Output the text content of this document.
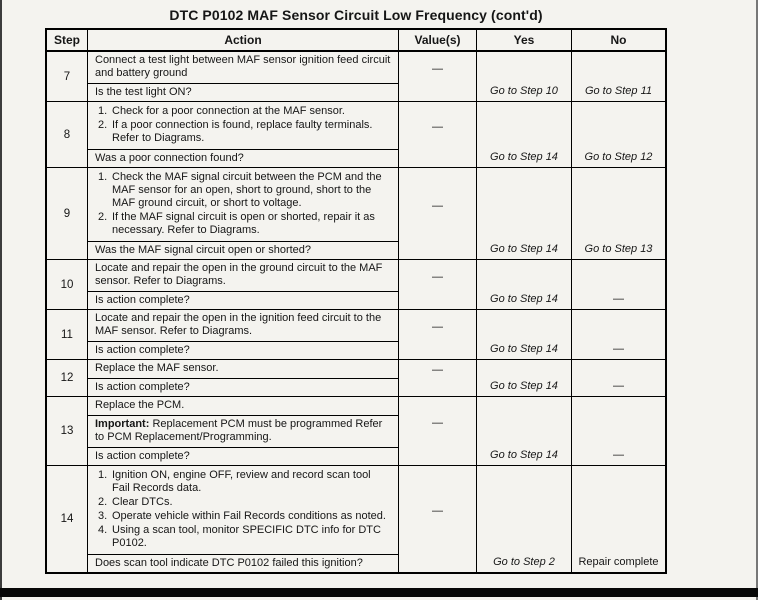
DTC P0102 MAF Sensor Circuit Low Frequency (cont'd)
Step	Action	Value(s)	Yes	No
7
Connect a test light between MAF sensor ignition feed circuit and battery ground
Is the test light ON?
—
Go to Step 10	Go to Step 11
8
1. Check for a poor connection at the MAF sensor.
2. If a poor connection is found, replace faulty terminals. Refer to Diagrams.
Was a poor connection found?
—
Go to Step 14	Go to Step 12
9
1. Check the MAF signal circuit between the PCM and the MAF sensor for an open, short to ground, short to the MAF ground circuit, or short to voltage.
2. If the MAF signal circuit is open or shorted, repair it as necessary. Refer to Diagrams.
Was the MAF signal circuit open or shorted?
—
Go to Step 14	Go to Step 13
10
Locate and repair the open in the ground circuit to the MAF sensor. Refer to Diagrams.
Is action complete?
—
Go to Step 14	—
11
Locate and repair the open in the ignition feed circuit to the MAF sensor. Refer to Diagrams.
Is action complete?
—
Go to Step 14	—
12
Replace the MAF sensor.
Is action complete?
—
Go to Step 14	—
13
Replace the PCM.
Important: Replacement PCM must be programmed Refer to PCM Replacement/Programming.
Is action complete?
—
Go to Step 14	—
14
1. Ignition ON, engine OFF, review and record scan tool Fail Records data.
2. Clear DTCs.
3. Operate vehicle within Fail Records conditions as noted.
4. Using a scan tool, monitor SPECIFIC DTC info for DTC P0102.
Does scan tool indicate DTC P0102 failed this ignition?
—
Go to Step 2	Repair complete
